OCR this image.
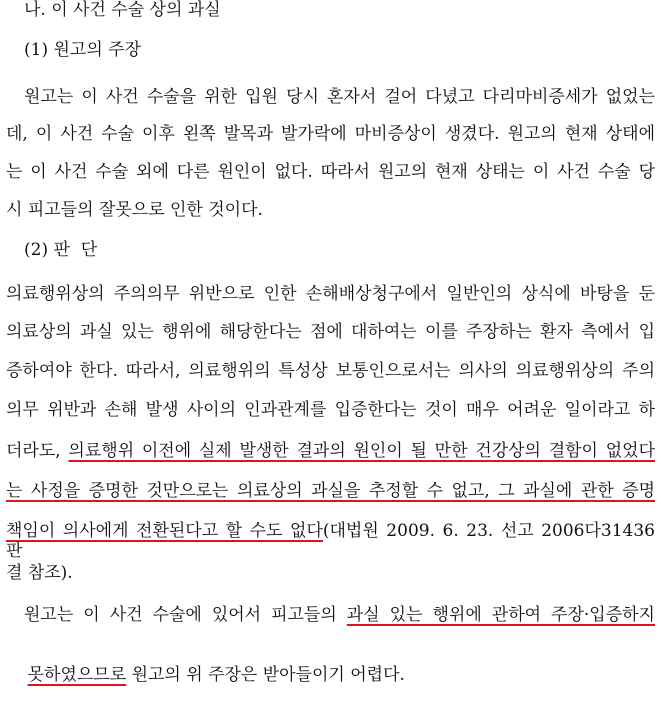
나. 이 사건 수술 상의 과실
(1) 원고의 주장
원고는 이 사건 수술을 위한 입원 당시 혼자서 걸어 다녔고 다리마비증세가 없었는
데, 이 사건 수술 이후 왼쪽 발목과 발가락에 마비증상이 생겼다. 원고의 현재 상태에
는 이 사건 수술 외에 다른 원인이 없다. 따라서 원고의 현재 상태는 이 사건 수술 당
시 피고들의 잘못으로 인한 것이다.
(2) 판  단
의료행위상의 주의의무 위반으로 인한 손해배상청구에서 일반인의 상식에 바탕을 둔
의료상의 과실 있는 행위에 해당한다는 점에 대하여는 이를 주장하는 환자 측에서 입
증하여야 한다. 따라서, 의료행위의 특성상 보통인으로서는 의사의 의료행위상의 주의
의무 위반과 손해 발생 사이의 인과관계를 입증한다는 것이 매우 어려운 일이라고 하
더라도, 의료행위 이전에 실제 발생한 결과의 원인이 될 만한 건강상의 결함이 없었다
는 사정을 증명한 것만으로는 의료상의 과실을 추정할 수 없고, 그 과실에 관한 증명
책임이 의사에게 전환된다고 할 수도 없다(대법원 2009. 6. 23. 선고 2006다31436 판
결 참조).
원고는 이 사건 수술에 있어서 피고들의 과실 있는 행위에 관하여 주장·입증하지

못하였으므로 원고의 위 주장은 받아들이기 어렵다.
